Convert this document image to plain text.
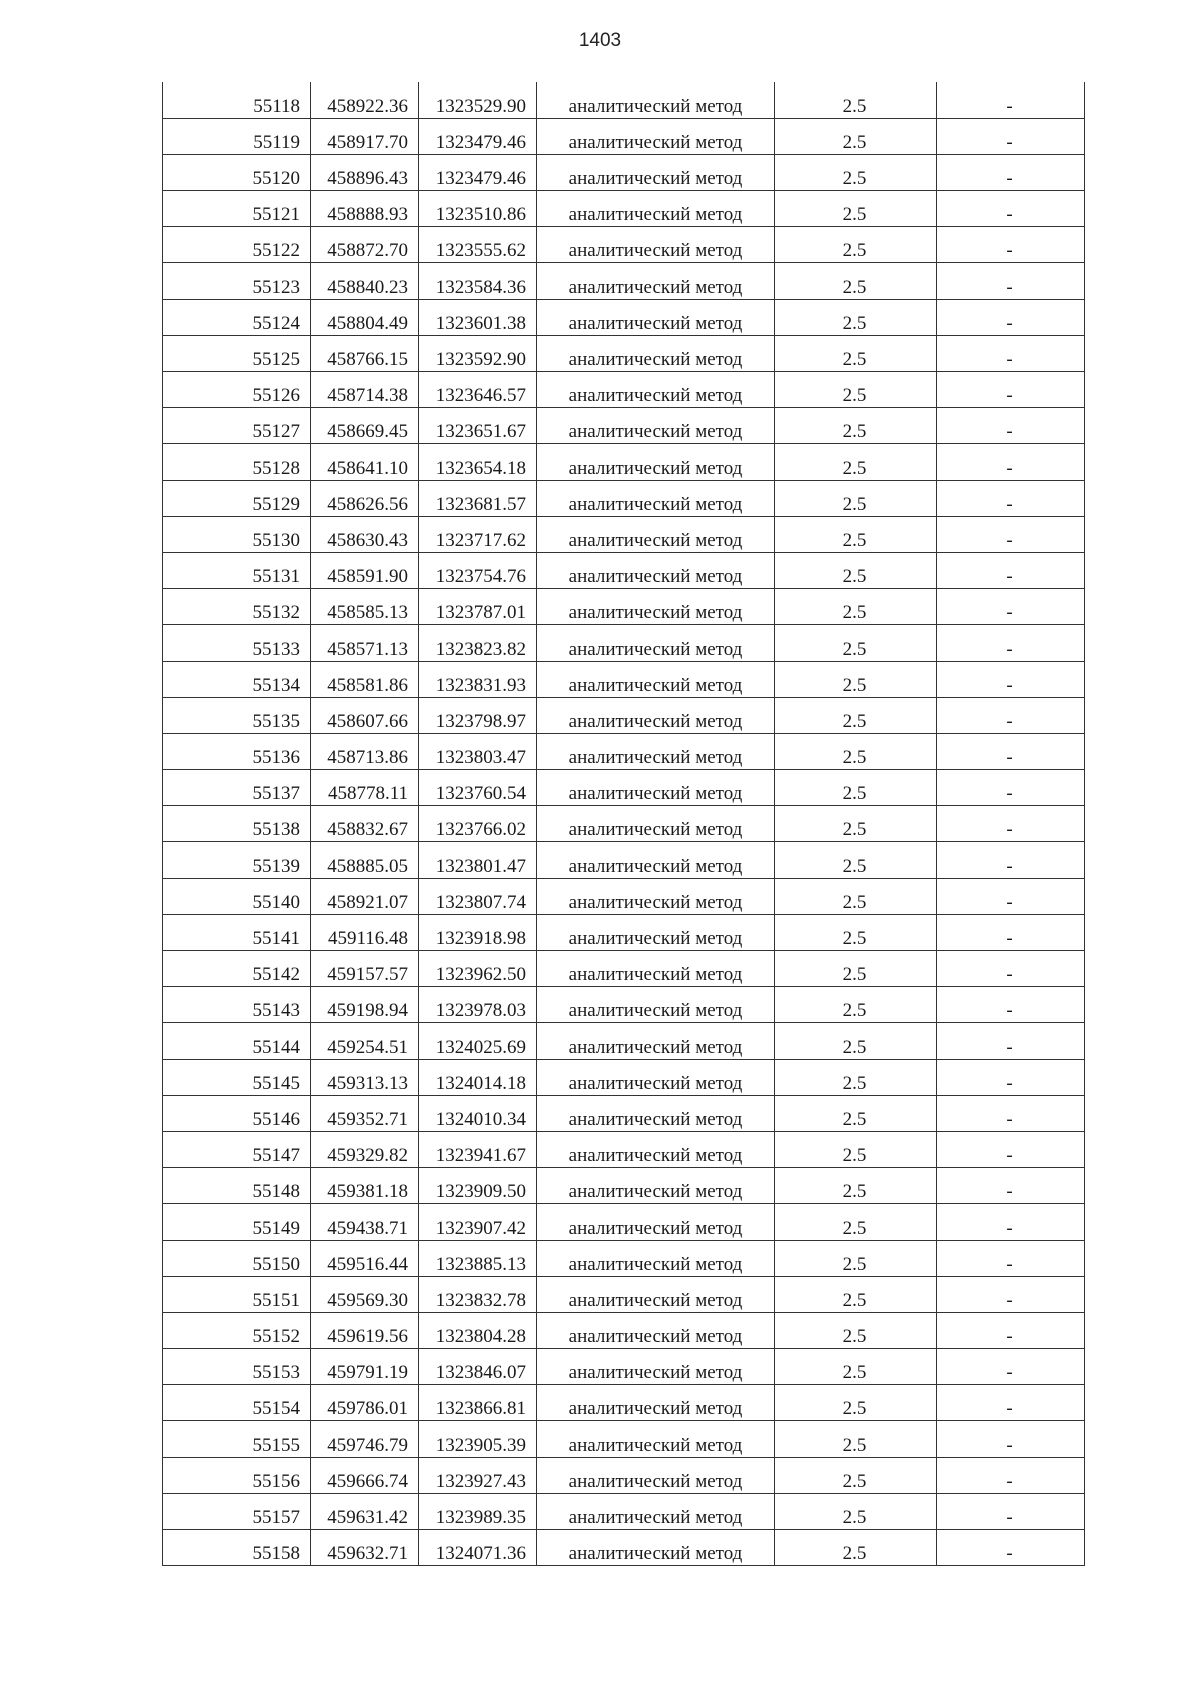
1403
55118	458922.36	1323529.90	аналитический метод	2.5	-
55119	458917.70	1323479.46	аналитический метод	2.5	-
55120	458896.43	1323479.46	аналитический метод	2.5	-
55121	458888.93	1323510.86	аналитический метод	2.5	-
55122	458872.70	1323555.62	аналитический метод	2.5	-
55123	458840.23	1323584.36	аналитический метод	2.5	-
55124	458804.49	1323601.38	аналитический метод	2.5	-
55125	458766.15	1323592.90	аналитический метод	2.5	-
55126	458714.38	1323646.57	аналитический метод	2.5	-
55127	458669.45	1323651.67	аналитический метод	2.5	-
55128	458641.10	1323654.18	аналитический метод	2.5	-
55129	458626.56	1323681.57	аналитический метод	2.5	-
55130	458630.43	1323717.62	аналитический метод	2.5	-
55131	458591.90	1323754.76	аналитический метод	2.5	-
55132	458585.13	1323787.01	аналитический метод	2.5	-
55133	458571.13	1323823.82	аналитический метод	2.5	-
55134	458581.86	1323831.93	аналитический метод	2.5	-
55135	458607.66	1323798.97	аналитический метод	2.5	-
55136	458713.86	1323803.47	аналитический метод	2.5	-
55137	458778.11	1323760.54	аналитический метод	2.5	-
55138	458832.67	1323766.02	аналитический метод	2.5	-
55139	458885.05	1323801.47	аналитический метод	2.5	-
55140	458921.07	1323807.74	аналитический метод	2.5	-
55141	459116.48	1323918.98	аналитический метод	2.5	-
55142	459157.57	1323962.50	аналитический метод	2.5	-
55143	459198.94	1323978.03	аналитический метод	2.5	-
55144	459254.51	1324025.69	аналитический метод	2.5	-
55145	459313.13	1324014.18	аналитический метод	2.5	-
55146	459352.71	1324010.34	аналитический метод	2.5	-
55147	459329.82	1323941.67	аналитический метод	2.5	-
55148	459381.18	1323909.50	аналитический метод	2.5	-
55149	459438.71	1323907.42	аналитический метод	2.5	-
55150	459516.44	1323885.13	аналитический метод	2.5	-
55151	459569.30	1323832.78	аналитический метод	2.5	-
55152	459619.56	1323804.28	аналитический метод	2.5	-
55153	459791.19	1323846.07	аналитический метод	2.5	-
55154	459786.01	1323866.81	аналитический метод	2.5	-
55155	459746.79	1323905.39	аналитический метод	2.5	-
55156	459666.74	1323927.43	аналитический метод	2.5	-
55157	459631.42	1323989.35	аналитический метод	2.5	-
55158	459632.71	1324071.36	аналитический метод	2.5	-
